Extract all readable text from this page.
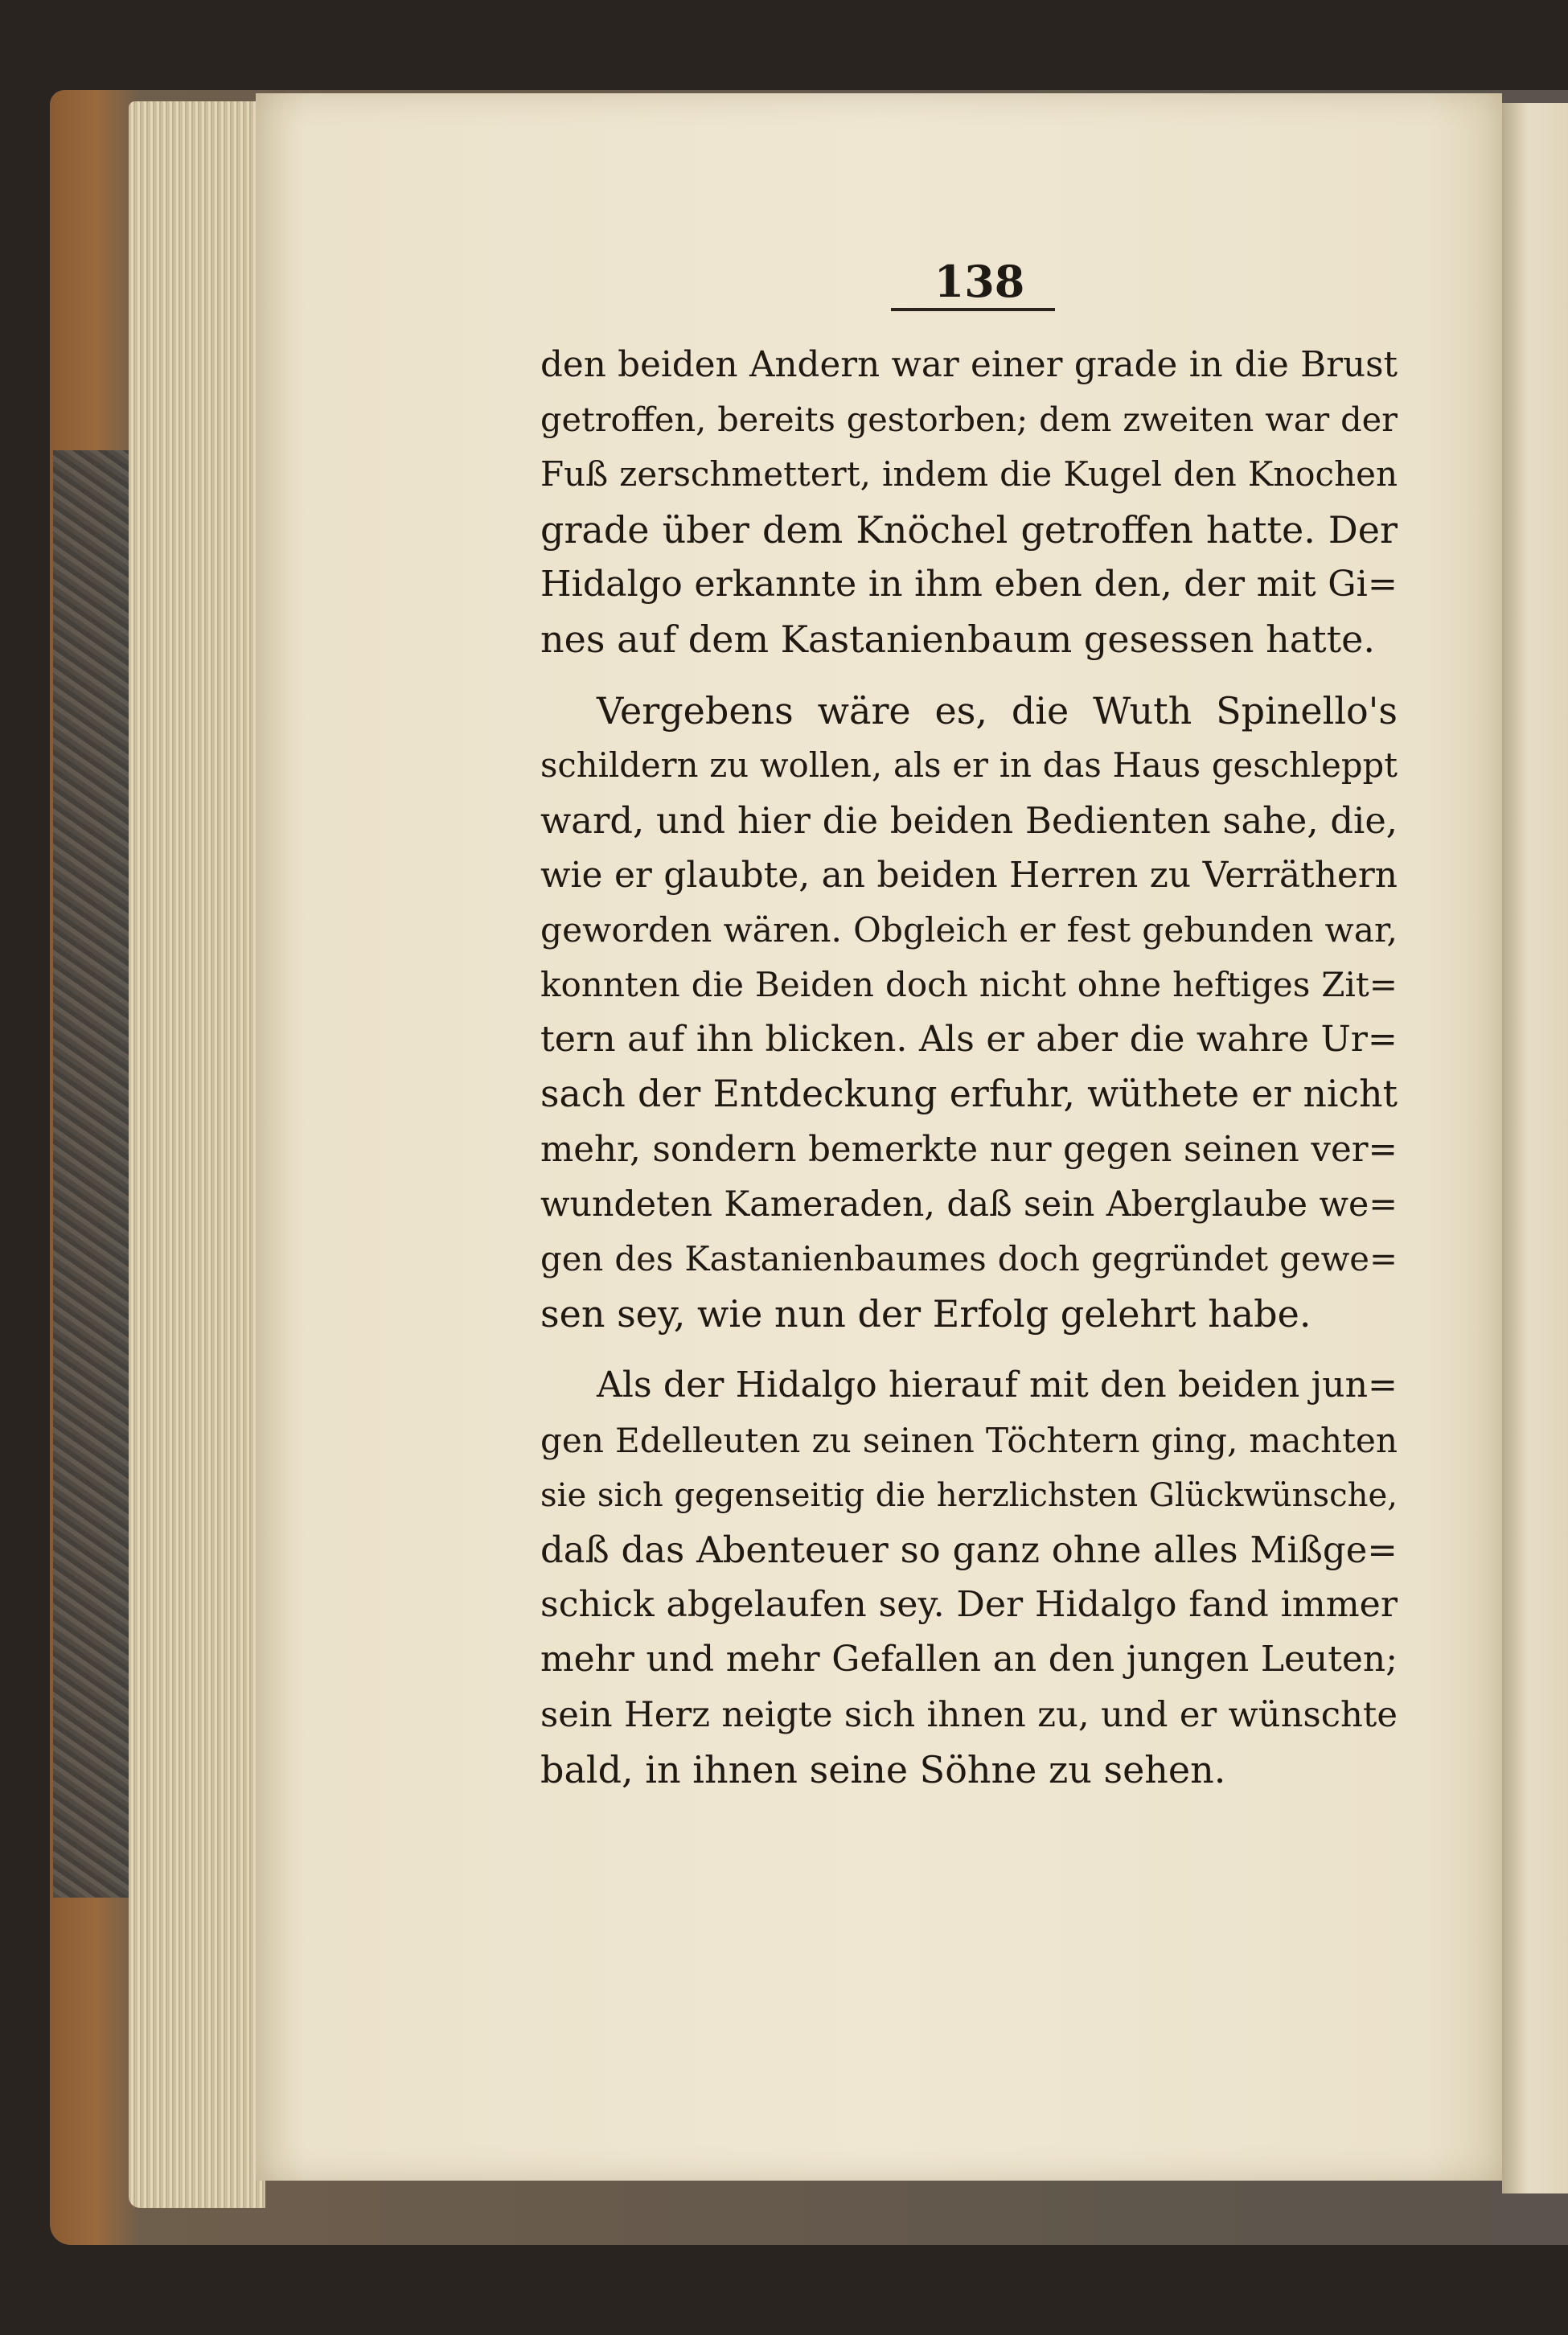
138
den beiden Andern war einer grade in die Brust
getroffen, bereits gestorben; dem zweiten war der
Fuß zerschmettert, indem die Kugel den Knochen
grade über dem Knöchel getroffen hatte. Der
Hidalgo erkannte in ihm eben den, der mit Gi=
nes auf dem Kastanienbaum gesessen hatte.
Vergebens wäre es, die Wuth Spinello's
schildern zu wollen, als er in das Haus geschleppt
ward, und hier die beiden Bedienten sahe, die,
wie er glaubte, an beiden Herren zu Verräthern
geworden wären. Obgleich er fest gebunden war,
konnten die Beiden doch nicht ohne heftiges Zit=
tern auf ihn blicken. Als er aber die wahre Ur=
sach der Entdeckung erfuhr, wüthete er nicht
mehr, sondern bemerkte nur gegen seinen ver=
wundeten Kameraden, daß sein Aberglaube we=
gen des Kastanienbaumes doch gegründet gewe=
sen sey, wie nun der Erfolg gelehrt habe.
Als der Hidalgo hierauf mit den beiden jun=
gen Edelleuten zu seinen Töchtern ging, machten
sie sich gegenseitig die herzlichsten Glückwünsche,
daß das Abenteuer so ganz ohne alles Mißge=
schick abgelaufen sey. Der Hidalgo fand immer
mehr und mehr Gefallen an den jungen Leuten;
sein Herz neigte sich ihnen zu, und er wünschte
bald, in ihnen seine Söhne zu sehen.
